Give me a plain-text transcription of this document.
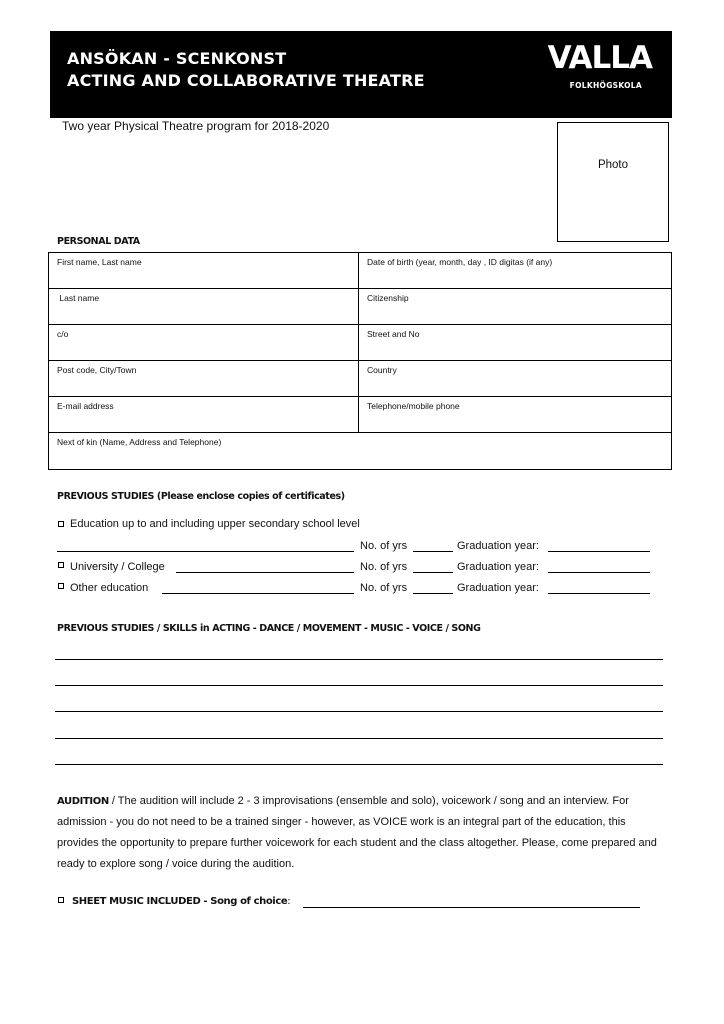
ANSÖKAN - SCENKONST
ACTING AND COLLABORATIVE THEATRE
VALLA
FOLKHÖGSKOLA
Two year Physical Theatre program for 2018-2020
Photo
PERSONAL DATA
First name, Last name	Date of birth (year, month, day , ID digitas (if any)
Last name	Citizenship
c/o	Street and No
Post code, City/Town	Country
E-mail address	Telephone/mobile phone
Next of kin (Name, Address and Telephone)
PREVIOUS STUDIES (Please enclose copies of certificates)
Education up to and including upper secondary school level
No. of yrs	Graduation year:
University / College	No. of yrs	Graduation year:
Other education	No. of yrs	Graduation year:
PREVIOUS STUDIES / SKILLS in ACTING - DANCE / MOVEMENT - MUSIC - VOICE / SONG
AUDITION / The audition will include 2 - 3 improvisations (ensemble and solo), voicework / song and an interview. For admission - you do not need to be a trained singer - however, as VOICE work is an integral part of the education, this provides the opportunity to prepare further voicework for each student and the class altogether. Please, come prepared and ready to explore song / voice during the audition.
SHEET MUSIC INCLUDED - Song of choice:
